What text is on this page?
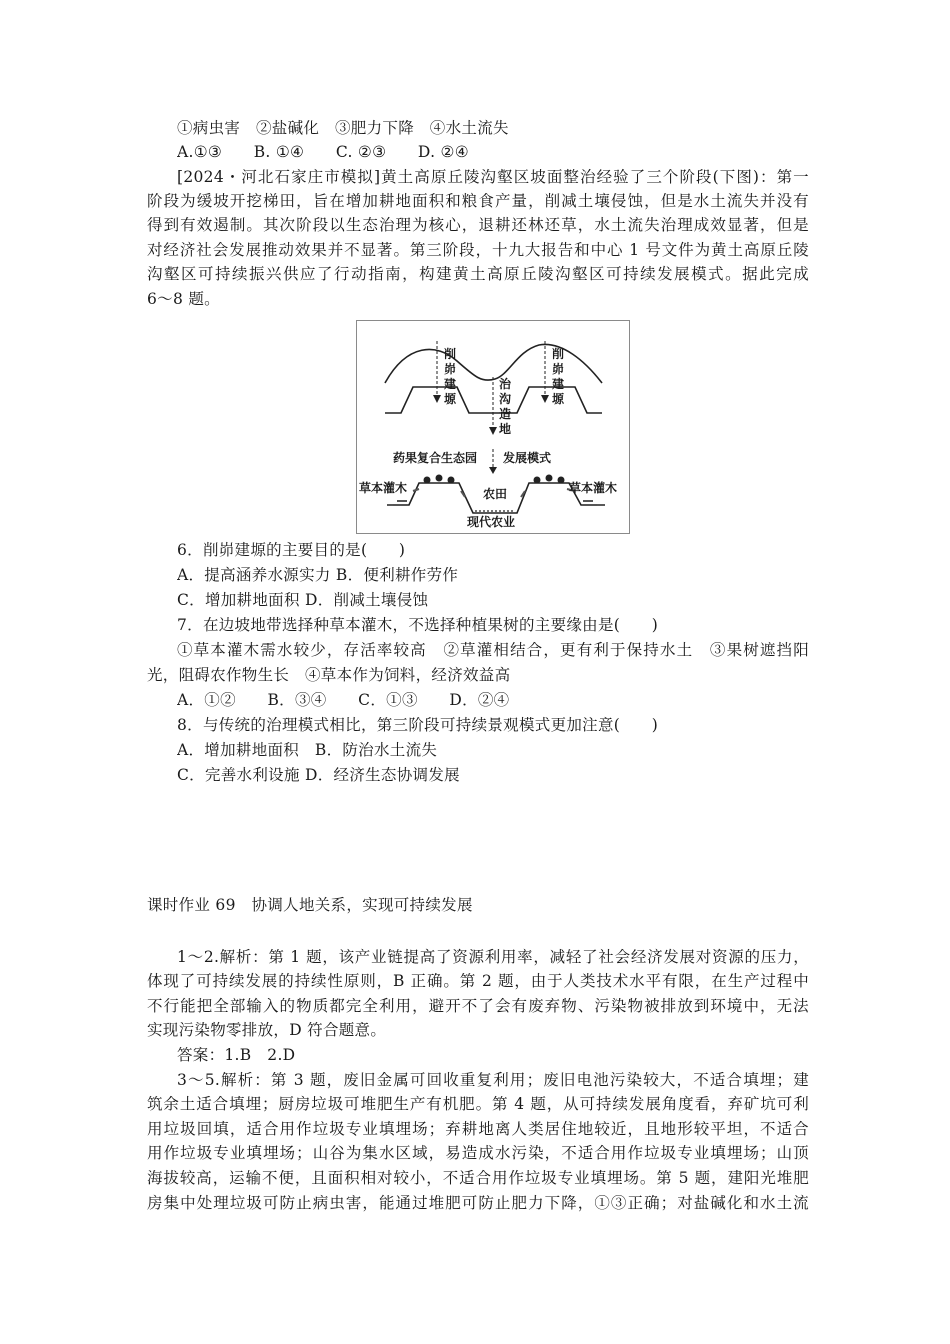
①病虫害　②盐碱化　③肥力下降　④水土流失
A.①③　　B. ①④　　C. ②③　　D. ②④
[2024・河北石家庄市模拟]黄土高原丘陵沟壑区坡面整治经验了三个阶段(下图)：第一
阶段为缓坡开挖梯田，旨在增加耕地面积和粮食产量，削减土壤侵蚀，但是水土流失并没有
得到有效遏制。其次阶段以生态治理为核心，退耕还林还草，水土流失治理成效显著，但是
对经济社会发展推动效果并不显著。第三阶段，十九大报告和中心 1 号文件为黄土高原丘陵
沟壑区可持续振兴供应了行动指南，构建黄土高原丘陵沟壑区可持续发展模式。据此完成
6～8 题。
削峁建塬
削峁建塬
治沟造地
药果复合生态园 发展模式
草本灌木	草本灌木
农田
现代农业
6．削峁建塬的主要目的是(　　)
A．提高涵养水源实力 B．便利耕作劳作
C．增加耕地面积 D．削减土壤侵蚀
7．在边坡地带选择种草本灌木，不选择种植果树的主要缘由是(　　)
①草本灌木需水较少，存活率较高　②草灌相结合，更有利于保持水土　③果树遮挡阳
光，阻碍农作物生长　④草本作为饲料，经济效益高
A．①②　　B．③④　　C．①③　　D．②④
8．与传统的治理模式相比，第三阶段可持续景观模式更加注意(　　)
A．增加耕地面积　B．防治水土流失
C．完善水利设施 D．经济生态协调发展
课时作业 69　协调人地关系，实现可持续发展
1～2.解析：第 1 题，该产业链提高了资源利用率，减轻了社会经济发展对资源的压力，
体现了可持续发展的持续性原则，B 正确。第 2 题，由于人类技术水平有限，在生产过程中
不行能把全部输入的物质都完全利用，避开不了会有废弃物、污染物被排放到环境中，无法
实现污染物零排放，D 符合题意。
答案：1.B　2.D
3～5.解析：第 3 题，废旧金属可回收重复利用；废旧电池污染较大，不适合填埋；建
筑余土适合填埋；厨房垃圾可堆肥生产有机肥。第 4 题，从可持续发展角度看，弃矿坑可利
用垃圾回填，适合用作垃圾专业填埋场；弃耕地离人类居住地较近，且地形较平坦，不适合
用作垃圾专业填埋场；山谷为集水区域，易造成水污染，不适合用作垃圾专业填埋场；山顶
海拔较高，运输不便，且面积相对较小，不适合用作垃圾专业填埋场。第 5 题，建阳光堆肥
房集中处理垃圾可防止病虫害，能通过堆肥可防止肥力下降，①③正确；对盐碱化和水土流
